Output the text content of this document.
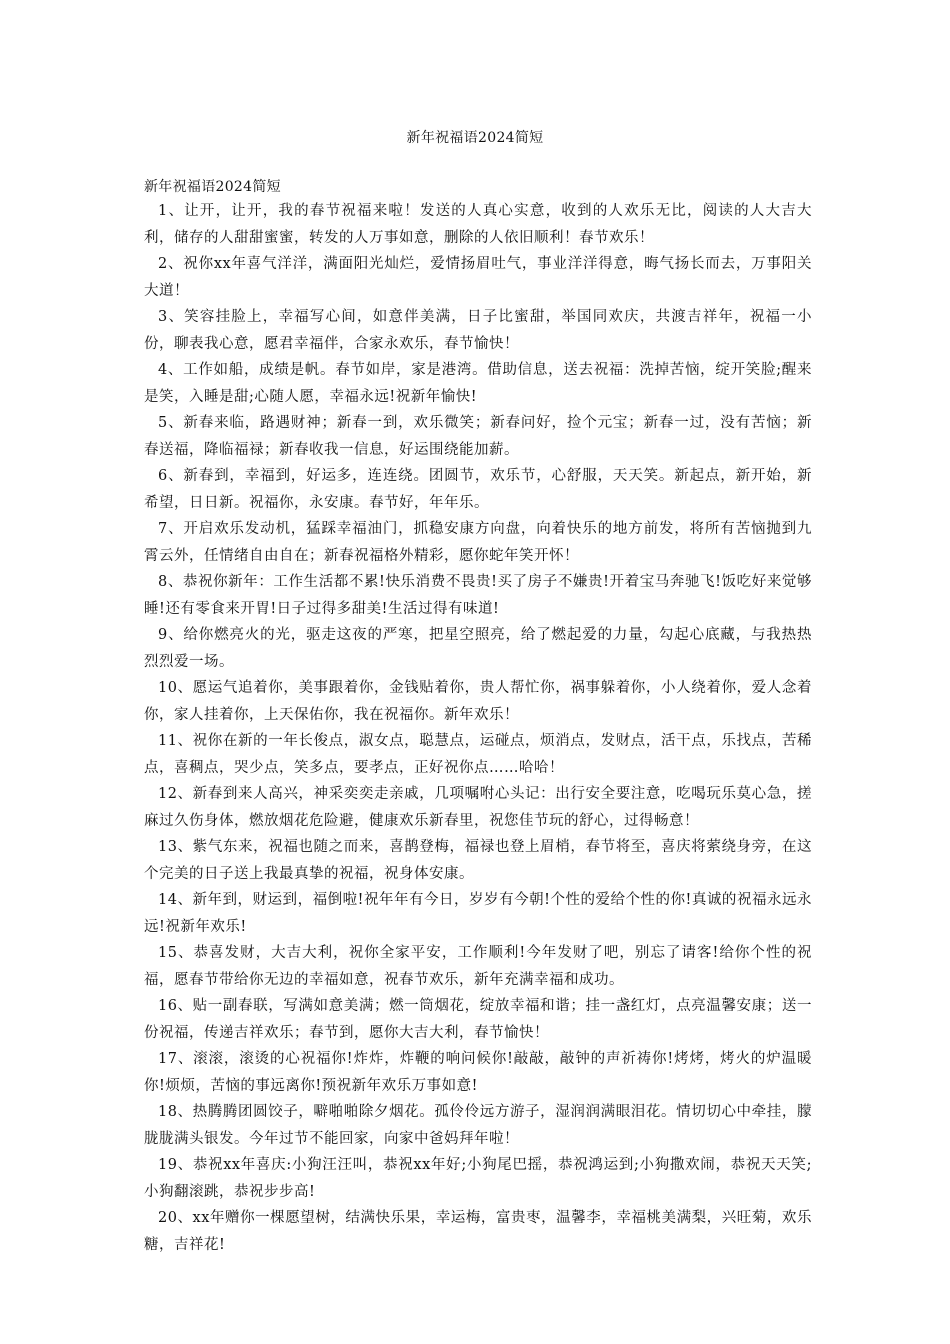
新年祝福语2024简短

新年祝福语2024简短

1、让开，让开，我的春节祝福来啦！发送的人真心实意，收到的人欢乐无比，阅读的人大吉大利，储存的人甜甜蜜蜜，转发的人万事如意，删除的人依旧顺利！春节欢乐！

2、祝你xx年喜气洋洋，满面阳光灿烂，爱情扬眉吐气，事业洋洋得意，晦气扬长而去，万事阳关大道！

3、笑容挂脸上，幸福写心间，如意伴美满，日子比蜜甜，举国同欢庆，共渡吉祥年，祝福一小份，聊表我心意，愿君幸福伴，合家永欢乐，春节愉快！

4、工作如船，成绩是帆。春节如岸，家是港湾。借助信息，送去祝福：洗掉苦恼，绽开笑脸;醒来是笑，入睡是甜;心随人愿，幸福永远!祝新年愉快!

5、新春来临，路遇财神；新春一到，欢乐微笑；新春问好，捡个元宝；新春一过，没有苦恼；新春送福，降临福禄；新春收我一信息，好运围绕能加薪。

6、新春到，幸福到，好运多，连连绕。团圆节，欢乐节，心舒服，天天笑。新起点，新开始，新希望，日日新。祝福你，永安康。春节好，年年乐。

7、开启欢乐发动机，猛踩幸福油门，抓稳安康方向盘，向着快乐的地方前发，将所有苦恼抛到九霄云外，任情绪自由自在；新春祝福格外精彩，愿你蛇年笑开怀！

8、恭祝你新年：工作生活都不累!快乐消费不畏贵!买了房子不嫌贵!开着宝马奔驰飞!饭吃好来觉够睡!还有零食来开胃!日子过得多甜美!生活过得有味道!

9、给你燃亮火的光，驱走这夜的严寒，把星空照亮，给了燃起爱的力量，勾起心底藏，与我热热烈烈爱一场。

10、愿运气追着你，美事跟着你，金钱贴着你，贵人帮忙你，祸事躲着你，小人绕着你，爱人念着你，家人挂着你，上天保佑你，我在祝福你。新年欢乐！

11、祝你在新的一年长俊点，淑女点，聪慧点，运碰点，烦消点，发财点，活干点，乐找点，苦稀点，喜稠点，哭少点，笑多点，要孝点，正好祝你点……哈哈！

12、新春到来人高兴，神采奕奕走亲戚，几项嘱咐心头记：出行安全要注意，吃喝玩乐莫心急，搓麻过久伤身体，燃放烟花危险避，健康欢乐新春里，祝您佳节玩的舒心，过得畅意！

13、紫气东来，祝福也随之而来，喜鹊登梅，福禄也登上眉梢，春节将至，喜庆将萦绕身旁，在这个完美的日子送上我最真挚的祝福，祝身体安康。

14、新年到，财运到，福倒啦!祝年年有今日，岁岁有今朝!个性的爱给个性的你!真诚的祝福永远永远!祝新年欢乐!

15、恭喜发财，大吉大利，祝你全家平安，工作顺利!今年发财了吧，别忘了请客!给你个性的祝福，愿春节带给你无边的幸福如意，祝春节欢乐，新年充满幸福和成功。

16、贴一副春联，写满如意美满；燃一筒烟花，绽放幸福和谐；挂一盏红灯，点亮温馨安康；送一份祝福，传递吉祥欢乐；春节到，愿你大吉大利，春节愉快！

17、滚滚，滚烫的心祝福你!炸炸，炸鞭的响问候你!敲敲，敲钟的声祈祷你!烤烤，烤火的炉温暖你!烦烦，苦恼的事远离你!预祝新年欢乐万事如意!

18、热腾腾团圆饺子，噼啪啪除夕烟花。孤伶伶远方游子，湿润润满眼泪花。情切切心中牵挂，朦胧胧满头银发。今年过节不能回家，向家中爸妈拜年啦！

19、恭祝xx年喜庆:小狗汪汪叫，恭祝xx年好;小狗尾巴摇，恭祝鸿运到;小狗撒欢闹，恭祝天天笑;小狗翻滚跳，恭祝步步高!

20、xx年赠你一棵愿望树，结满快乐果，幸运梅，富贵枣，温馨李，幸福桃美满梨，兴旺菊，欢乐糖，吉祥花!
